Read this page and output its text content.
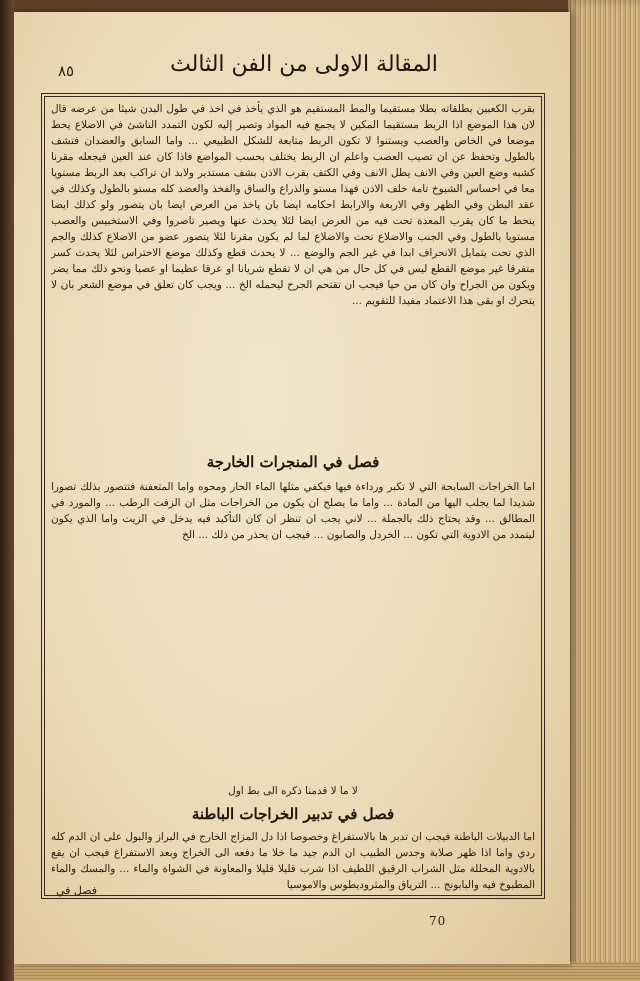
٨٥	المقالة الاولى من الفن الثالث
بقرب الكعبين بطلقاته بطلا مستقيما والمط المستقيم هو الذي يأخذ في اخذ في طول البدن شيئا من عرضه قال لان هذا الموضع اذا الربط مستقيما المكين لا يجمع فيه المواد وتصير إليه لكون التمدد الناشئ في الاضلاع يحط موضعا في الخاص والعصب ويستنوا لا تكون الربط متابعة للشكل الطبيعي ... واما السابق والعضدان فتشف بالطول وتحفظ عن ان تصيب العصب واعلم ان الربط يختلف بحسب المواضع فاذا كان عند العين فيجعله مقرنا كشبه وضع العين وفي الانف يطل الانف وفي الكتف بقرب الاذن بشف مستدير ولابد ان تراكب بعد الربط مستويا معا في احساس الشيوخ تامة خلف الاذن فهذا مستو والذراع والساق والفخذ والعضد كله مستو بالطول وكذلك في عقد البطن وفي الظهر وفي الاربعة والارابط احكامه ايضا بان ياخذ من العرض ايضا بان يتصور ولو كذلك ايضا ينحط ما كان يقرب المعدة تحت فيه من العرض ايضا لئلا يحدث عنها ويصير تاصروا وفي الاستخبيس والعصب مستويا بالطول وفي الجنب والاضلاع تحت والاضلاع لما لم يكون مقرنا لئلا يتصور عضو من الاضلاع كذلك والجم الذي تحت يتمايل الانحراف ابدا في غير الجم والوضع ... لا يحدث قطع وكذلك موضع الاحتراس لئلا يحدث كسر متفرقا غير موضع القطع ليس في كل حال من هي ان لا تقطع شريانا او عرقا عظيما او عصبا ونحو ذلك مما يضر ويكون من الجراح وان كان من حيا فيجب ان تقتحم الجرح ليحمله الخ ... ويجب كان تعلق في موضع الشعر بان لا يتحرك او بقى هذا الاعتماد مفيدا للتقويم ...
فصل في المنجرات الخارجة
اما الخراجات السابحة التي لا تكبر ورداءة فيها فيكفي مثلها الماء الحار ومحوه واما المتعفنة فتتصور بذلك تصورا شديدا لما يجلب اليها من المادة ... واما ما يصلح ان يكون من الخراجات مثل ان الزفت الرطب ... والمورد في المطالق ... وقد يحتاج ذلك بالجملة ... لاني يجب ان تنظر ان كان التأكيد فيه يدخل في الزيت واما الذي يكون ليتمدد من الادوية التي تكون ... الخردل والصابون ... فيجب ان يحذر من ذلك ... الخ
لا ما لا قدمنا ذكره الى بط اول
فصل في تدبير الخراجات الباطنة
اما الدبيلات الباطنة فيجب ان تدبر ها بالاستفراغ وخصوصا اذا دل المزاج الخارج في البراز والبول على ان الدم كله ردي واما اذا ظهر صلابة وجدس الطبيب ان الدم جيد ما خلا ما دفعه الى الخراج وبعد الاستفراغ فيجب ان يقع بالادوية المحللة مثل الشراب الرقيق اللطيف اذا شرب قليلا قليلا والمعاونة في الشواة والماء ... والمسك والماء المطبوخ فيه والبابونج ... الترياق والمثروديطوس والاموسيا
فصل في
70
